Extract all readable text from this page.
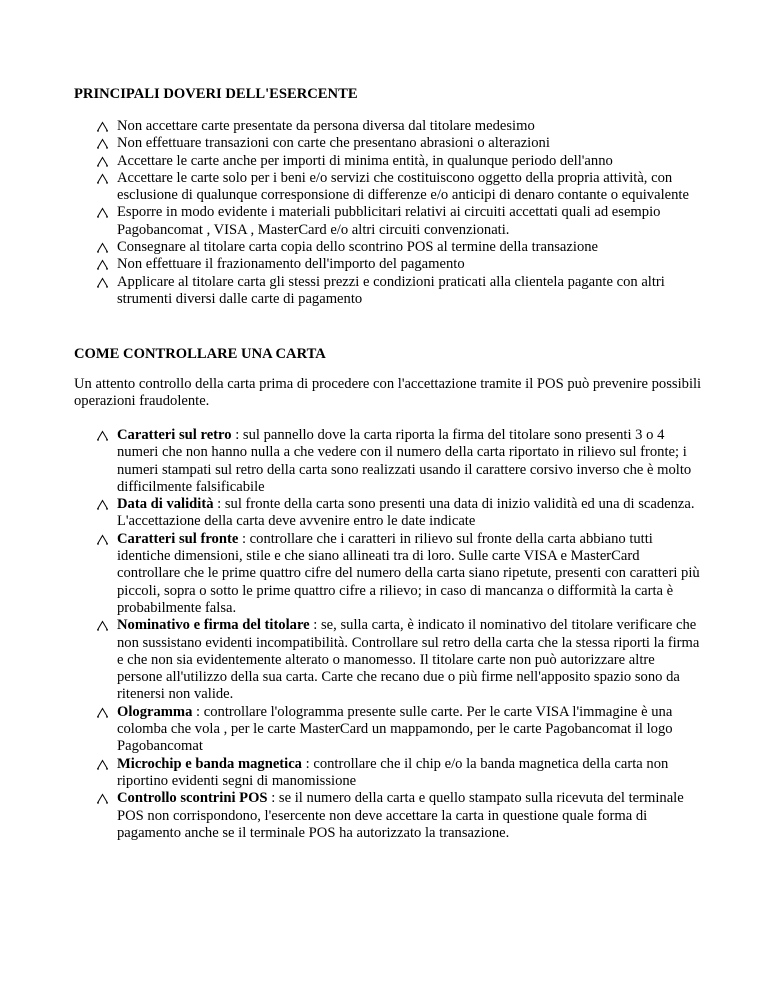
PRINCIPALI DOVERI DELL'ESERCENTE
Non accettare carte presentate da persona diversa dal titolare medesimo
Non effettuare transazioni con carte che presentano abrasioni o alterazioni
Accettare le carte anche per importi di minima entità, in qualunque periodo dell'anno
Accettare le carte solo per i beni e/o servizi che costituiscono oggetto della propria attività, con esclusione di qualunque corresponsione di differenze e/o anticipi di denaro contante o equivalente
Esporre in modo evidente i materiali pubblicitari relativi ai circuiti accettati quali ad esempio Pagobancomat , VISA , MasterCard e/o altri circuiti convenzionati.
Consegnare al titolare carta copia dello scontrino POS al termine della transazione
Non effettuare il frazionamento dell'importo del pagamento
Applicare al titolare carta gli stessi prezzi e condizioni praticati alla clientela pagante con altri strumenti diversi dalle carte di pagamento
COME CONTROLLARE UNA CARTA
Un attento controllo della carta prima di procedere con l'accettazione tramite il POS può prevenire possibili operazioni fraudolente.
Caratteri sul retro : sul pannello dove la carta riporta la firma del titolare sono presenti 3 o 4 numeri che non hanno nulla a che vedere con il numero della carta riportato in rilievo sul fronte; i numeri stampati sul retro della carta sono realizzati usando il carattere corsivo inverso che è molto difficilmente falsificabile
Data di validità : sul fronte della carta sono presenti una data di inizio validità ed una di scadenza. L'accettazione della carta deve avvenire entro le date indicate
Caratteri sul fronte : controllare che i caratteri in rilievo sul fronte della carta abbiano tutti identiche dimensioni, stile e che siano allineati tra di loro. Sulle carte VISA e MasterCard controllare che le prime quattro cifre del numero della carta siano ripetute, presenti con caratteri più piccoli, sopra o sotto le prime quattro cifre a rilievo; in caso di mancanza o difformità la carta è probabilmente falsa.
Nominativo e firma del titolare : se, sulla carta, è indicato il nominativo del titolare verificare che non sussistano evidenti incompatibilità. Controllare sul retro della carta che la stessa riporti la firma e che non sia evidentemente alterato o manomesso. Il titolare carte non può autorizzare altre persone all'utilizzo della sua carta. Carte che recano due o più firme nell'apposito spazio sono da ritenersi non valide.
Ologramma : controllare l'ologramma presente sulle carte. Per le carte VISA l'immagine è una colomba che vola , per le carte MasterCard un mappamondo, per le carte Pagobancomat il logo Pagobancomat
Microchip e banda magnetica : controllare che il chip e/o la banda magnetica della carta non riportino evidenti segni di manomissione
Controllo scontrini POS : se il numero della carta e quello stampato sulla ricevuta del terminale POS non corrispondono, l'esercente non deve accettare la carta in questione quale forma di pagamento anche se il terminale POS ha autorizzato la transazione.
